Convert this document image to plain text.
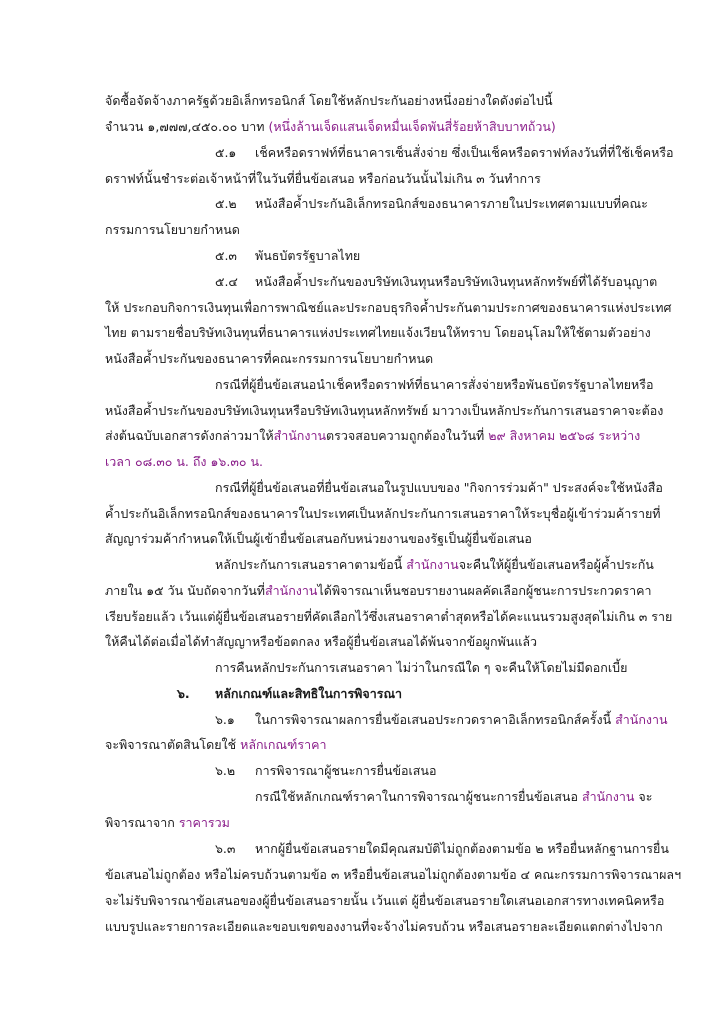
จัดซื้อจัดจ้างภาครัฐด้วยอิเล็กทรอนิกส์ โดยใช้หลักประกันอย่างหนึ่งอย่างใดดังต่อไปนี้
จำนวน ๑,๗๗๗,๔๕๐.๐๐ บาท (หนึ่งล้านเจ็ดแสนเจ็ดหมื่นเจ็ดพันสี่ร้อยห้าสิบบาทถ้วน)
๕.๑ เช็คหรือดราฟท์ที่ธนาคารเซ็นสั่งจ่าย ซึ่งเป็นเช็คหรือดราฟท์ลงวันที่ที่ใช้เช็คหรือ
ดราฟท์นั้นชำระต่อเจ้าหน้าที่ในวันที่ยื่นข้อเสนอ หรือก่อนวันนั้นไม่เกิน ๓ วันทำการ
๕.๒ หนังสือค้ำประกันอิเล็กทรอนิกส์ของธนาคารภายในประเทศตามแบบที่คณะ
กรรมการนโยบายกำหนด
๕.๓ พันธบัตรรัฐบาลไทย
๕.๔ หนังสือค้ำประกันของบริษัทเงินทุนหรือบริษัทเงินทุนหลักทรัพย์ที่ได้รับอนุญาต
ให้ ประกอบกิจการเงินทุนเพื่อการพาณิชย์และประกอบธุรกิจค้ำประกันตามประกาศของธนาคารแห่งประเทศ
ไทย ตามรายชื่อบริษัทเงินทุนที่ธนาคารแห่งประเทศไทยแจ้งเวียนให้ทราบ โดยอนุโลมให้ใช้ตามตัวอย่าง
หนังสือค้ำประกันของธนาคารที่คณะกรรมการนโยบายกำหนด
กรณีที่ผู้ยื่นข้อเสนอนำเช็คหรือดราฟท์ที่ธนาคารสั่งจ่ายหรือพันธบัตรรัฐบาลไทยหรือ
หนังสือค้ำประกันของบริษัทเงินทุนหรือบริษัทเงินทุนหลักทรัพย์ มาวางเป็นหลักประกันการเสนอราคาจะต้อง
ส่งต้นฉบับเอกสารดังกล่าวมาให้สำนักงานตรวจสอบความถูกต้องในวันที่ ๒๙ สิงหาคม ๒๕๖๘ ระหว่าง
เวลา ๐๘.๓๐ น. ถึง ๑๖.๓๐ น.
กรณีที่ผู้ยื่นข้อเสนอที่ยื่นข้อเสนอในรูปแบบของ "กิจการร่วมค้า" ประสงค์จะใช้หนังสือ
ค้ำประกันอิเล็กทรอนิกส์ของธนาคารในประเทศเป็นหลักประกันการเสนอราคาให้ระบุชื่อผู้เข้าร่วมค้ารายที่
สัญญาร่วมค้ากำหนดให้เป็นผู้เข้ายื่นข้อเสนอกับหน่วยงานของรัฐเป็นผู้ยื่นข้อเสนอ
หลักประกันการเสนอราคาตามข้อนี้ สำนักงานจะคืนให้ผู้ยื่นข้อเสนอหรือผู้ค้ำประกัน
ภายใน ๑๕ วัน นับถัดจากวันที่สำนักงานได้พิจารณาเห็นชอบรายงานผลคัดเลือกผู้ชนะการประกวดราคา
เรียบร้อยแล้ว เว้นแต่ผู้ยื่นข้อเสนอรายที่คัดเลือกไว้ซึ่งเสนอราคาต่ำสุดหรือได้คะแนนรวมสูงสุดไม่เกิน ๓ ราย
ให้คืนได้ต่อเมื่อได้ทำสัญญาหรือข้อตกลง หรือผู้ยื่นข้อเสนอได้พ้นจากข้อผูกพันแล้ว
การคืนหลักประกันการเสนอราคา ไม่ว่าในกรณีใด ๆ จะคืนให้โดยไม่มีดอกเบี้ย
๖. หลักเกณฑ์และสิทธิในการพิจารณา
๖.๑ ในการพิจารณาผลการยื่นข้อเสนอประกวดราคาอิเล็กทรอนิกส์ครั้งนี้ สำนักงาน
จะพิจารณาตัดสินโดยใช้ หลักเกณฑ์ราคา
๖.๒ การพิจารณาผู้ชนะการยื่นข้อเสนอ
กรณีใช้หลักเกณฑ์ราคาในการพิจารณาผู้ชนะการยื่นข้อเสนอ สำนักงาน จะ
พิจารณาจาก ราคารวม
๖.๓ หากผู้ยื่นข้อเสนอรายใดมีคุณสมบัติไม่ถูกต้องตามข้อ ๒ หรือยื่นหลักฐานการยื่น
ข้อเสนอไม่ถูกต้อง หรือไม่ครบถ้วนตามข้อ ๓ หรือยื่นข้อเสนอไม่ถูกต้องตามข้อ ๔ คณะกรรมการพิจารณาผลฯ
จะไม่รับพิจารณาข้อเสนอของผู้ยื่นข้อเสนอรายนั้น เว้นแต่ ผู้ยื่นข้อเสนอรายใดเสนอเอกสารทางเทคนิคหรือ
แบบรูปและรายการละเอียดและขอบเขตของงานที่จะจ้างไม่ครบถ้วน หรือเสนอรายละเอียดแตกต่างไปจาก
